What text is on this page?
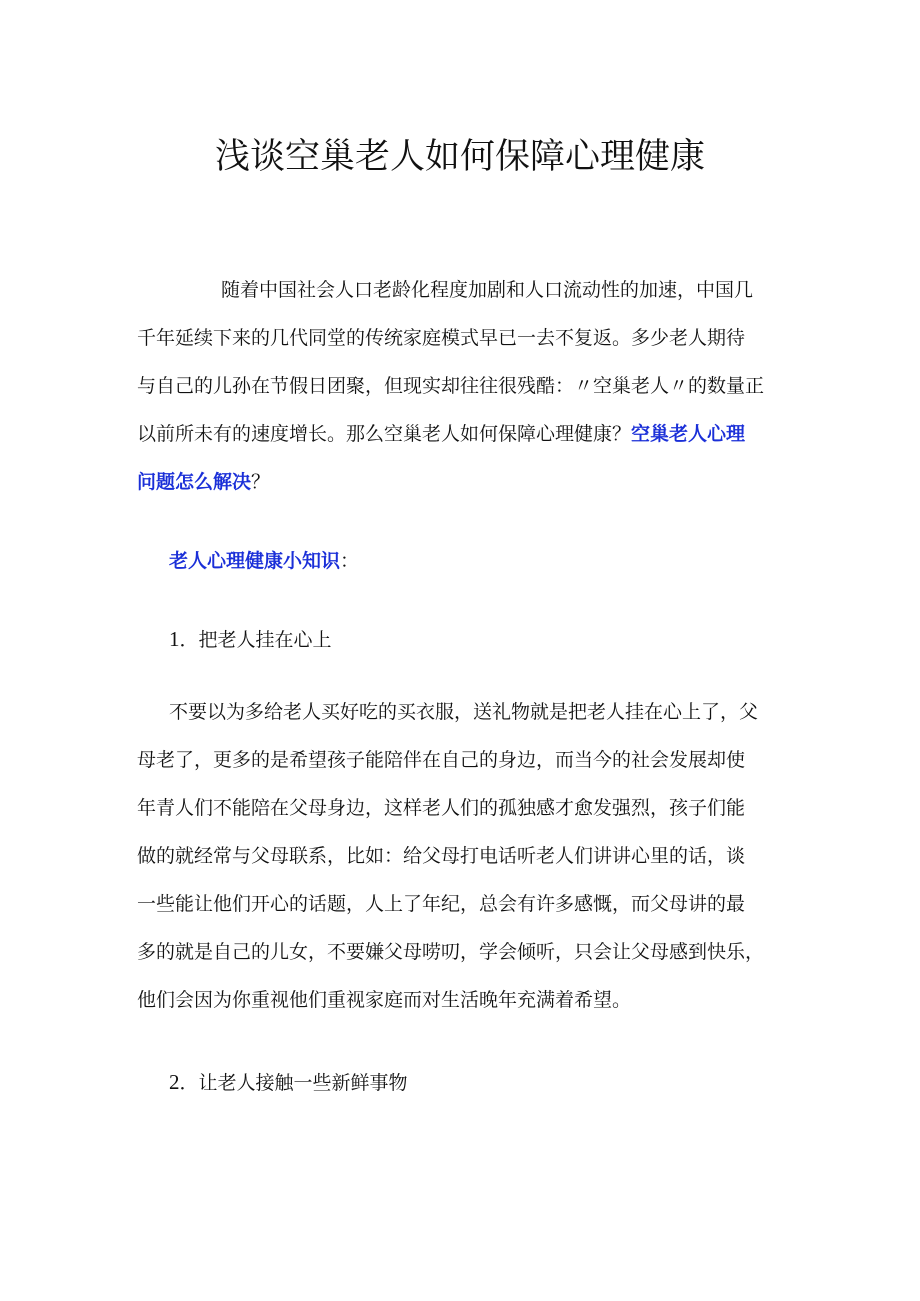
浅谈空巢老人如何保障心理健康
随着中国社会人口老龄化程度加剧和人口流动性的加速，中国几
千年延续下来的几代同堂的传统家庭模式早已一去不复返。多少老人期待
与自己的儿孙在节假日团聚，但现实却往往很残酷：〃空巢老人〃的数量正
以前所未有的速度增长。那么空巢老人如何保障心理健康？空巢老人心理
问题怎么解决？
老人心理健康小知识：
1．把老人挂在心上
不要以为多给老人买好吃的买衣服，送礼物就是把老人挂在心上了，父
母老了，更多的是希望孩子能陪伴在自己的身边，而当今的社会发展却使
年青人们不能陪在父母身边，这样老人们的孤独感才愈发强烈，孩子们能
做的就经常与父母联系，比如：给父母打电话听老人们讲讲心里的话，谈
一些能让他们开心的话题，人上了年纪，总会有许多感慨，而父母讲的最
多的就是自己的儿女，不要嫌父母唠叨，学会倾听，只会让父母感到快乐，
他们会因为你重视他们重视家庭而对生活晚年充满着希望。
2．让老人接触一些新鲜事物
